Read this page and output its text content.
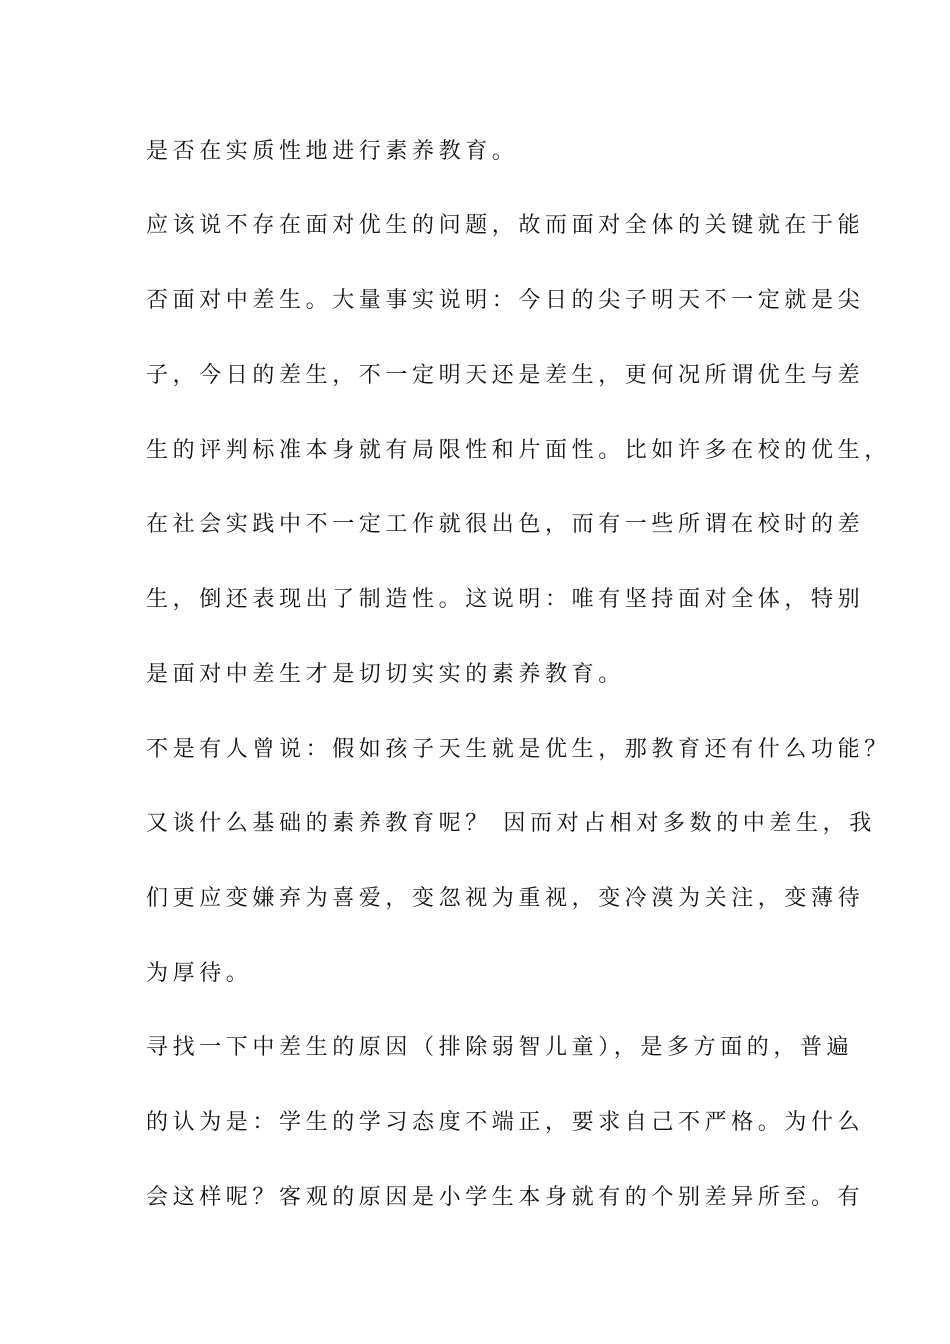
是否在实质性地进行素养教育。
应该说不存在面对优生的问题，故而面对全体的关键就在于能
否面对中差生。大量事实说明：今日的尖子明天不一定就是尖
子，今日的差生，不一定明天还是差生，更何况所谓优生与差
生的评判标准本身就有局限性和片面性。比如许多在校的优生，
在社会实践中不一定工作就很出色，而有一些所谓在校时的差
生，倒还表现出了制造性。这说明：唯有坚持面对全体，特别
是面对中差生才是切切实实的素养教育。
不是有人曾说：假如孩子天生就是优生，那教育还有什么功能？
又谈什么基础的素养教育呢？ 因而对占相对多数的中差生，我
们更应变嫌弃为喜爱，变忽视为重视，变冷漠为关注，变薄待
为厚待。
寻找一下中差生的原因（排除弱智儿童），是多方面的，普遍
的认为是：学生的学习态度不端正，要求自己不严格。为什么
会这样呢？客观的原因是小学生本身就有的个别差异所至。有
